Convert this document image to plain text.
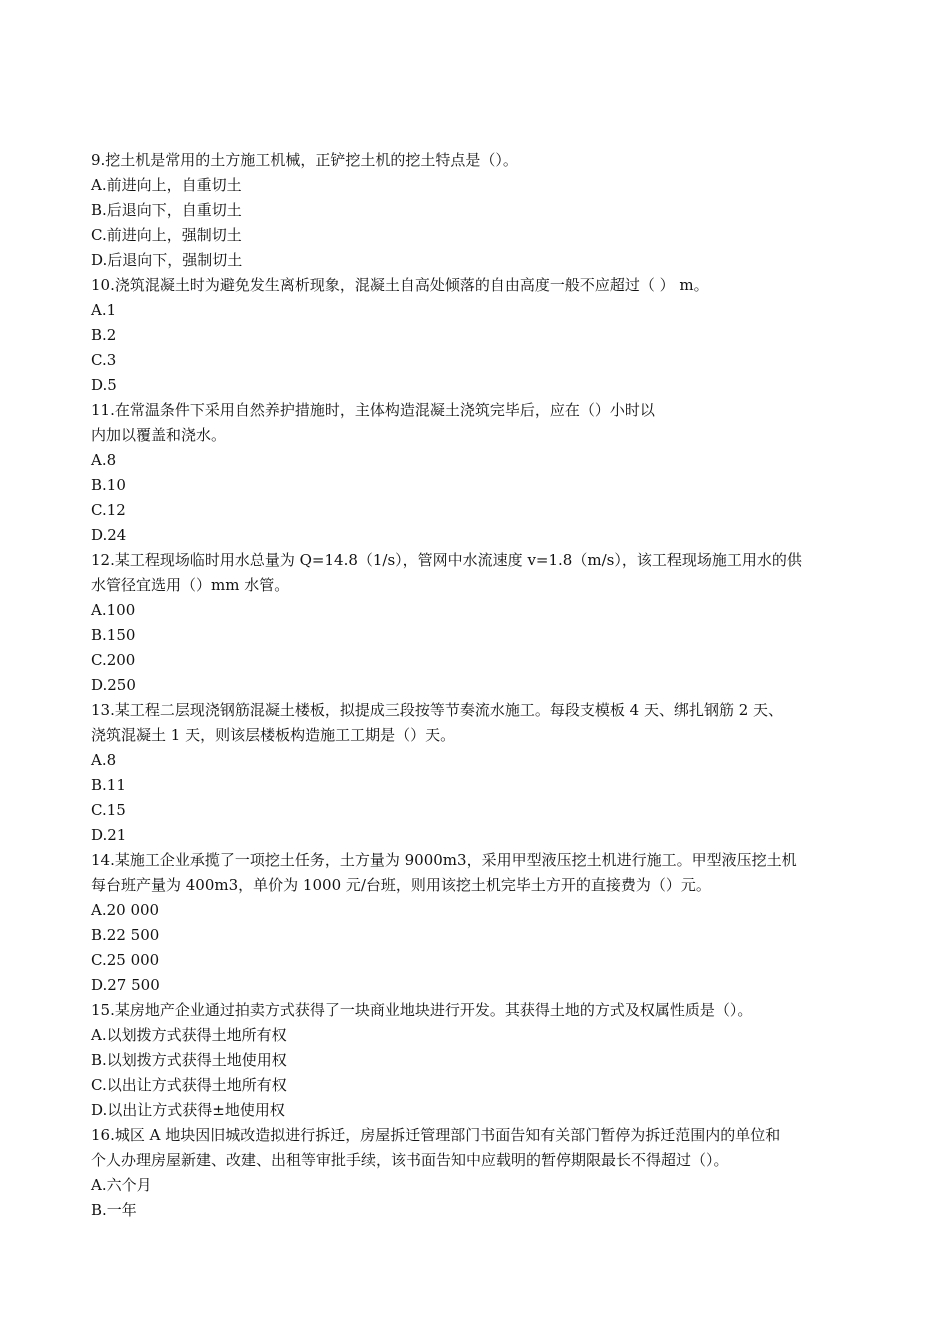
9.挖土机是常用的土方施工机械，正铲挖土机的挖土特点是（）。
A.前进向上，自重切土
B.后退向下，自重切土
C.前进向上，强制切土
D.后退向下，强制切土
10.浇筑混凝土时为避免发生离析现象，混凝土自高处倾落的自由高度一般不应超过（ ） m。
A.1
B.2
C.3
D.5
11.在常温条件下采用自然养护措施时，主体构造混凝土浇筑完毕后，应在（）小时以
内加以覆盖和浇水。
A.8
B.10
C.12
D.24
12.某工程现场临时用水总量为 Q=14.8（1/s），管网中水流速度 v=1.8（m/s），该工程现场施工用水的供
水管径宜选用（）mm 水管。
A.100
B.150
C.200
D.250
13.某工程二层现浇钢筋混凝土楼板，拟提成三段按等节奏流水施工。每段支模板 4 天、绑扎钢筋 2 天、
浇筑混凝土 1 天，则该层楼板构造施工工期是（）天。
A.8
B.11
C.15
D.21
14.某施工企业承揽了一项挖土任务，土方量为 9000m3，采用甲型液压挖土机进行施工。甲型液压挖土机
每台班产量为 400m3，单价为 1000 元/台班，则用该挖土机完毕土方开的直接费为（）元。
A.20 000
B.22 500
C.25 000
D.27 500
15.某房地产企业通过拍卖方式获得了一块商业地块进行开发。其获得土地的方式及权属性质是（）。
A.以划拨方式获得土地所有权
B.以划拨方式获得土地使用权
C.以出让方式获得土地所有权
D.以出让方式获得±地使用权
16.城区 A 地块因旧城改造拟进行拆迁，房屋拆迁管理部门书面告知有关部门暂停为拆迁范围内的单位和
个人办理房屋新建、改建、出租等审批手续，该书面告知中应载明的暂停期限最长不得超过（）。
A.六个月
B.一年
